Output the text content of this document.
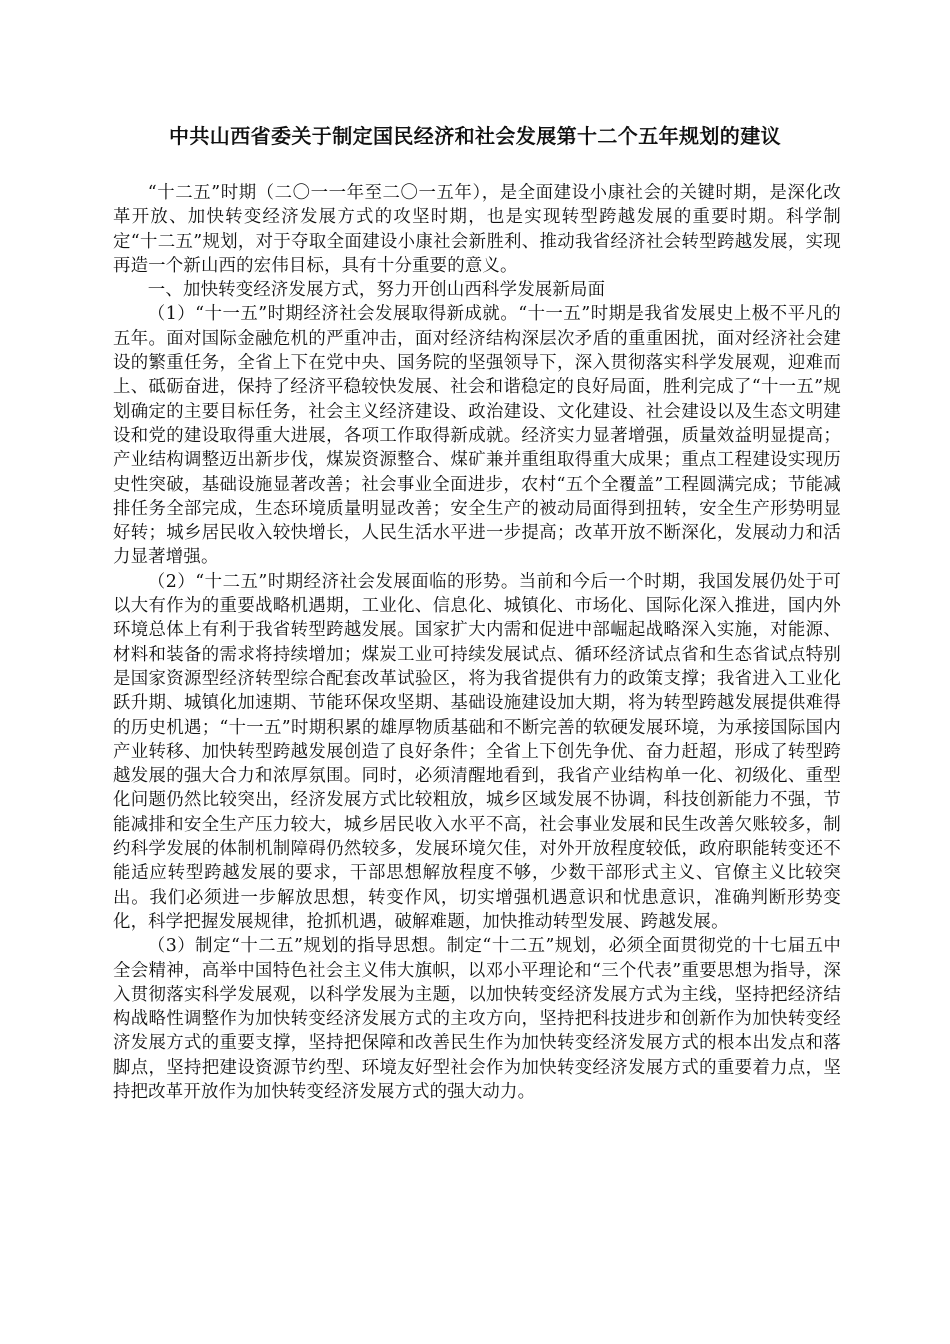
中共山西省委关于制定国民经济和社会发展第十二个五年规划的建议

“十二五”时期（二〇一一年至二〇一五年），是全面建设小康社会的关键时期，是深化改革开放、加快转变经济发展方式的攻坚时期，也是实现转型跨越发展的重要时期。科学制定“十二五”规划，对于夺取全面建设小康社会新胜利、推动我省经济社会转型跨越发展，实现再造一个新山西的宏伟目标，具有十分重要的意义。

一、加快转变经济发展方式，努力开创山西科学发展新局面

（1）“十一五”时期经济社会发展取得新成就。“十一五”时期是我省发展史上极不平凡的五年。面对国际金融危机的严重冲击，面对经济结构深层次矛盾的重重困扰，面对经济社会建设的繁重任务，全省上下在党中央、国务院的坚强领导下，深入贯彻落实科学发展观，迎难而上、砥砺奋进，保持了经济平稳较快发展、社会和谐稳定的良好局面，胜利完成了“十一五”规划确定的主要目标任务，社会主义经济建设、政治建设、文化建设、社会建设以及生态文明建设和党的建设取得重大进展，各项工作取得新成就。经济实力显著增强，质量效益明显提高；产业结构调整迈出新步伐，煤炭资源整合、煤矿兼并重组取得重大成果；重点工程建设实现历史性突破，基础设施显著改善；社会事业全面进步，农村“五个全覆盖”工程圆满完成；节能减排任务全部完成，生态环境质量明显改善；安全生产的被动局面得到扭转，安全生产形势明显好转；城乡居民收入较快增长，人民生活水平进一步提高；改革开放不断深化，发展动力和活力显著增强。

（2）“十二五”时期经济社会发展面临的形势。当前和今后一个时期，我国发展仍处于可以大有作为的重要战略机遇期，工业化、信息化、城镇化、市场化、国际化深入推进，国内外环境总体上有利于我省转型跨越发展。国家扩大内需和促进中部崛起战略深入实施，对能源、材料和装备的需求将持续增加；煤炭工业可持续发展试点、循环经济试点省和生态省试点特别是国家资源型经济转型综合配套改革试验区，将为我省提供有力的政策支撑；我省进入工业化跃升期、城镇化加速期、节能环保攻坚期、基础设施建设加大期，将为转型跨越发展提供难得的历史机遇；“十一五”时期积累的雄厚物质基础和不断完善的软硬发展环境，为承接国际国内产业转移、加快转型跨越发展创造了良好条件；全省上下创先争优、奋力赶超，形成了转型跨越发展的强大合力和浓厚氛围。同时，必须清醒地看到，我省产业结构单一化、初级化、重型化问题仍然比较突出，经济发展方式比较粗放，城乡区域发展不协调，科技创新能力不强，节能减排和安全生产压力较大，城乡居民收入水平不高，社会事业发展和民生改善欠账较多，制约科学发展的体制机制障碍仍然较多，发展环境欠佳，对外开放程度较低，政府职能转变还不能适应转型跨越发展的要求，干部思想解放程度不够，少数干部形式主义、官僚主义比较突出。我们必须进一步解放思想，转变作风，切实增强机遇意识和忧患意识，准确判断形势变化，科学把握发展规律，抢抓机遇，破解难题，加快推动转型发展、跨越发展。

（3）制定“十二五”规划的指导思想。制定“十二五”规划，必须全面贯彻党的十七届五中全会精神，高举中国特色社会主义伟大旗帜，以邓小平理论和“三个代表”重要思想为指导，深入贯彻落实科学发展观，以科学发展为主题，以加快转变经济发展方式为主线，坚持把经济结构战略性调整作为加快转变经济发展方式的主攻方向，坚持把科技进步和创新作为加快转变经济发展方式的重要支撑，坚持把保障和改善民生作为加快转变经济发展方式的根本出发点和落脚点，坚持把建设资源节约型、环境友好型社会作为加快转变经济发展方式的重要着力点，坚持把改革开放作为加快转变经济发展方式的强大动力。
